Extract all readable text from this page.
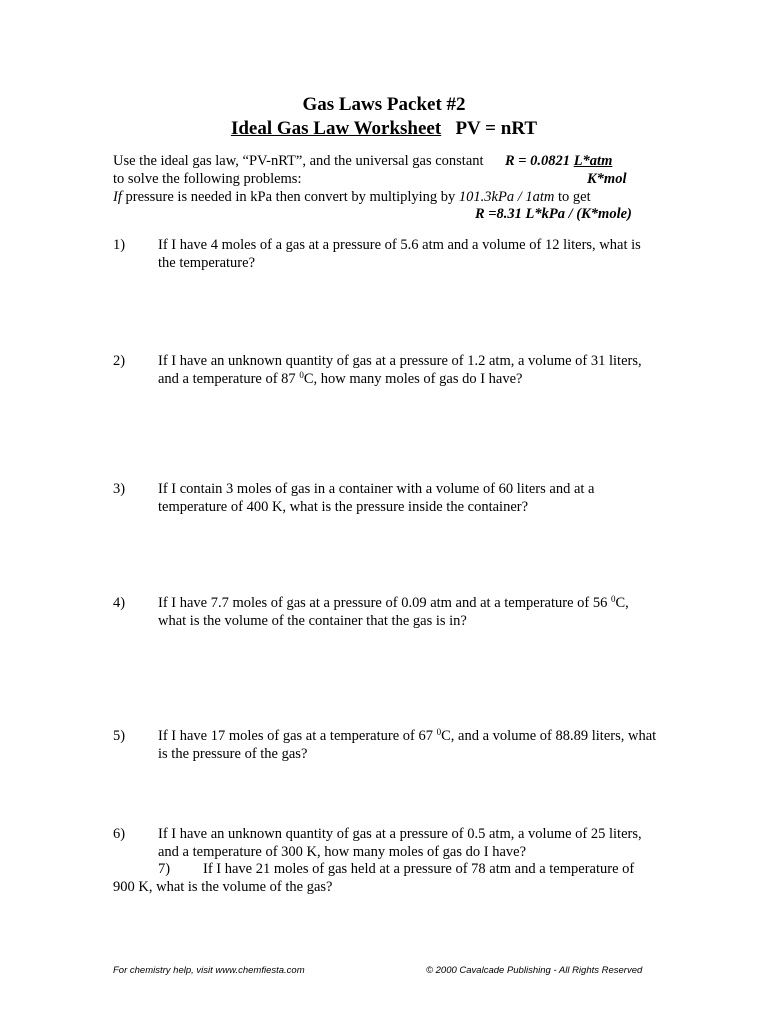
Gas Laws Packet #2
Ideal Gas Law Worksheet PV = nRT
Use the ideal gas law, “PV-nRT”, and the universal gas constant R = 0.0821 L*atm
to solve the following problems:	K*mol
If pressure is needed in kPa then convert by multiplying by 101.3kPa / 1atm to get
R =8.31 L*kPa / (K*mole)
1) If I have 4 moles of a gas at a pressure of 5.6 atm and a volume of 12 liters, what is the temperature?
2) If I have an unknown quantity of gas at a pressure of 1.2 atm, a volume of 31 liters, and a temperature of 87 $^0$C, how many moles of gas do I have?
3) If I contain 3 moles of gas in a container with a volume of 60 liters and at a temperature of 400 K, what is the pressure inside the container?
4) If I have 7.7 moles of gas at a pressure of 0.09 atm and at a temperature of 56 $^0$C, what is the volume of the container that the gas is in?
5) If I have 17 moles of gas at a temperature of 67 $^0$C, and a volume of 88.89 liters, what is the pressure of the gas?
6) If I have an unknown quantity of gas at a pressure of 0.5 atm, a volume of 25 liters, and a temperature of 300 K, how many moles of gas do I have?
7) If I have 21 moles of gas held at a pressure of 78 atm and a temperature of 900 K, what is the volume of the gas?
For chemistry help, visit www.chemfiesta.com	© 2000 Cavalcade Publishing - All Rights Reserved
